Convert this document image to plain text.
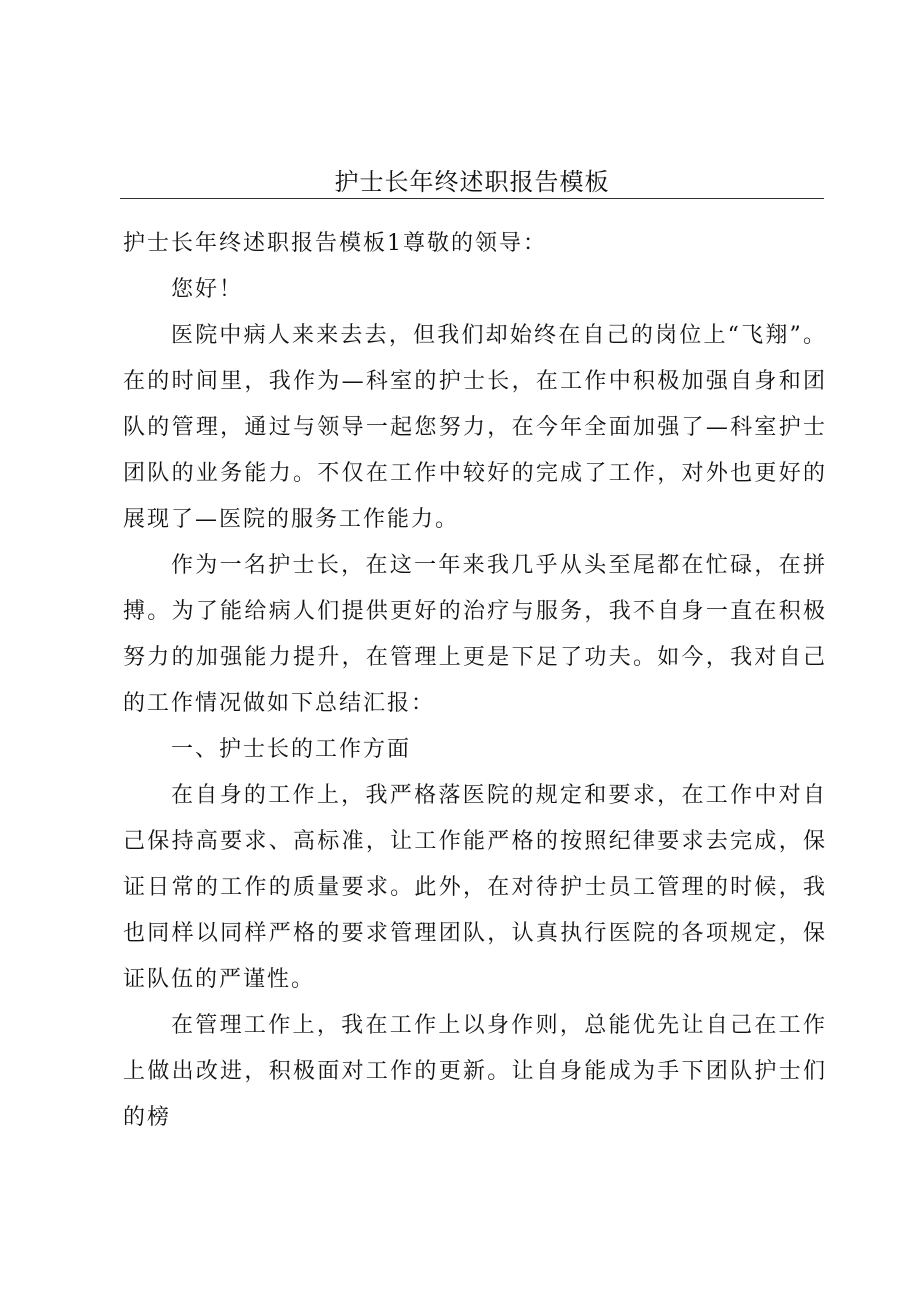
护士长年终述职报告模板

护士长年终述职报告模板1尊敬的领导：

您好！

医院中病人来来去去，但我们却始终在自己的岗位上“飞翔”。在的时间里，我作为—科室的护士长，在工作中积极加强自身和团队的管理，通过与领导一起您努力，在今年全面加强了—科室护士团队的业务能力。不仅在工作中较好的完成了工作，对外也更好的展现了—医院的服务工作能力。

作为一名护士长，在这一年来我几乎从头至尾都在忙碌，在拼搏。为了能给病人们提供更好的治疗与服务，我不自身一直在积极努力的加强能力提升，在管理上更是下足了功夫。如今，我对自己的工作情况做如下总结汇报：

一、护士长的工作方面

在自身的工作上，我严格落医院的规定和要求，在工作中对自己保持高要求、高标准，让工作能严格的按照纪律要求去完成，保证日常的工作的质量要求。此外，在对待护士员工管理的时候，我也同样以同样严格的要求管理团队，认真执行医院的各项规定，保证队伍的严谨性。

在管理工作上，我在工作上以身作则，总能优先让自己在工作上做出改进，积极面对工作的更新。让自身能成为手下团队护士们的榜
